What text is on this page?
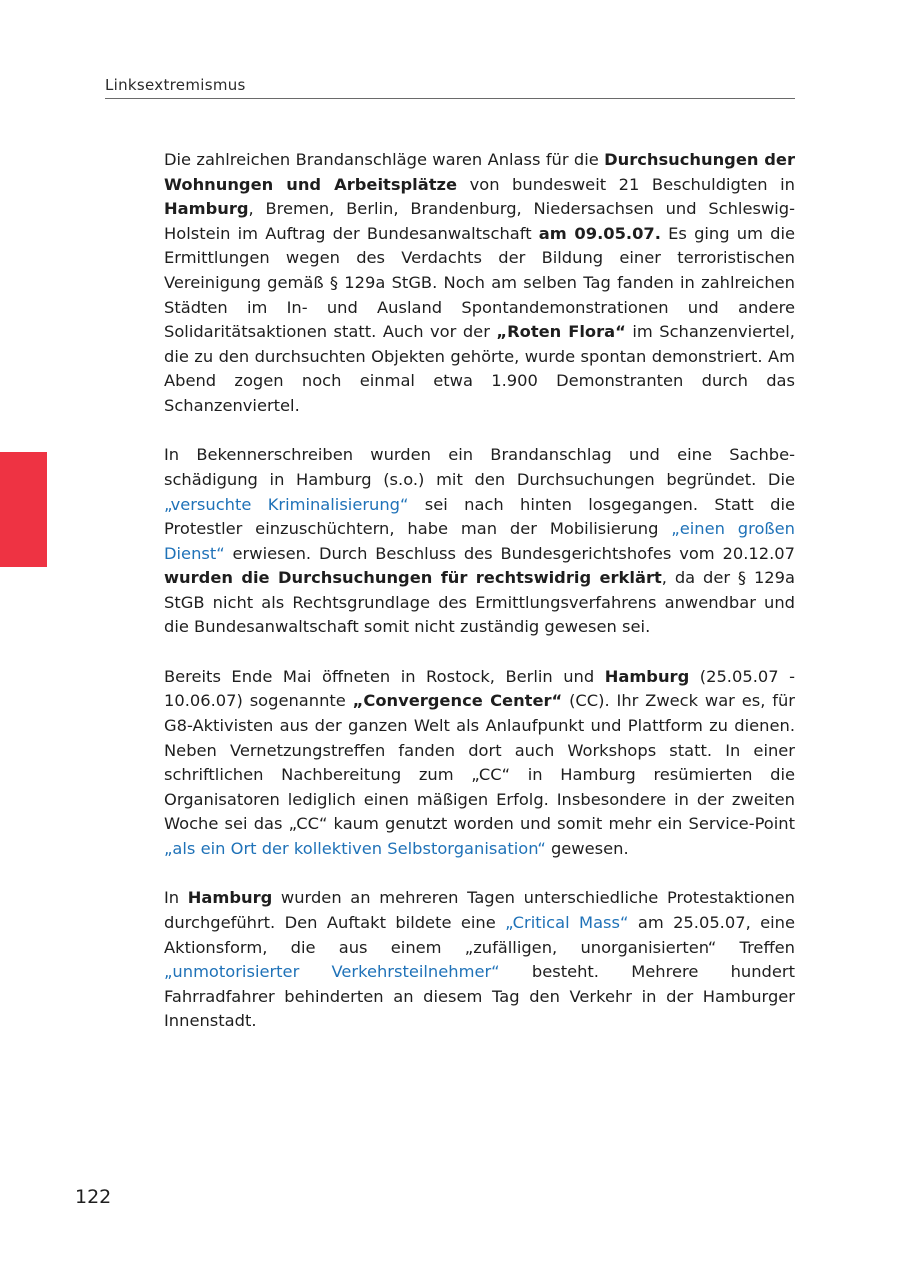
Linksextremismus

Die zahlreichen Brandanschläge waren Anlass für die Durchsuchungen der Wohnungen und Arbeitsplätze von bundesweit 21 Beschuldigten in Hamburg, Bremen, Berlin, Brandenburg, Niedersachsen und Schleswig-Holstein im Auftrag der Bundesanwaltschaft am 09.05.07. Es ging um die Ermittlungen wegen des Verdachts der Bildung einer terroristischen Vereinigung gemäß § 129a StGB. Noch am selben Tag fanden in zahlreichen Städten im In- und Ausland Spontandemonstrationen und andere Solidaritätsaktionen statt. Auch vor der „Roten Flora“ im Schanzenviertel, die zu den durchsuchten Objekten gehörte, wurde spontan demonstriert. Am Abend zogen noch einmal etwa 1.900 Demonstranten durch das Schanzenviertel.

In Bekennerschreiben wurden ein Brandanschlag und eine Sachbeschädigung in Hamburg (s.o.) mit den Durchsuchungen begründet. Die „versuchte Kriminalisierung“ sei nach hinten losgegangen. Statt die Protestler einzuschüchtern, habe man der Mobilisierung „einen großen Dienst“ erwiesen. Durch Beschluss des Bundesgerichtshofes vom 20.12.07 wurden die Durchsuchungen für rechtswidrig erklärt, da der § 129a StGB nicht als Rechtsgrundlage des Ermittlungsverfahrens anwendbar und die Bundesanwaltschaft somit nicht zuständig gewesen sei.

Bereits Ende Mai öffneten in Rostock, Berlin und Hamburg (25.05.07 - 10.06.07) sogenannte „Convergence Center“ (CC). Ihr Zweck war es, für G8-Aktivisten aus der ganzen Welt als Anlaufpunkt und Plattform zu dienen. Neben Vernetzungstreffen fanden dort auch Workshops statt. In einer schriftlichen Nachbereitung zum „CC“ in Hamburg resümierten die Organisatoren lediglich einen mäßigen Erfolg. Insbesondere in der zweiten Woche sei das „CC“ kaum genutzt worden und somit mehr ein Service-Point „als ein Ort der kollektiven Selbstorganisation“ gewesen.

In Hamburg wurden an mehreren Tagen unterschiedliche Protestaktionen durchgeführt. Den Auftakt bildete eine „Critical Mass“ am 25.05.07, eine Aktionsform, die aus einem „zufälligen, unorganisierten“ Treffen „unmotorisierter Verkehrsteilnehmer“ besteht. Mehrere hundert Fahrradfahrer behinderten an diesem Tag den Verkehr in der Hamburger Innenstadt.

122
